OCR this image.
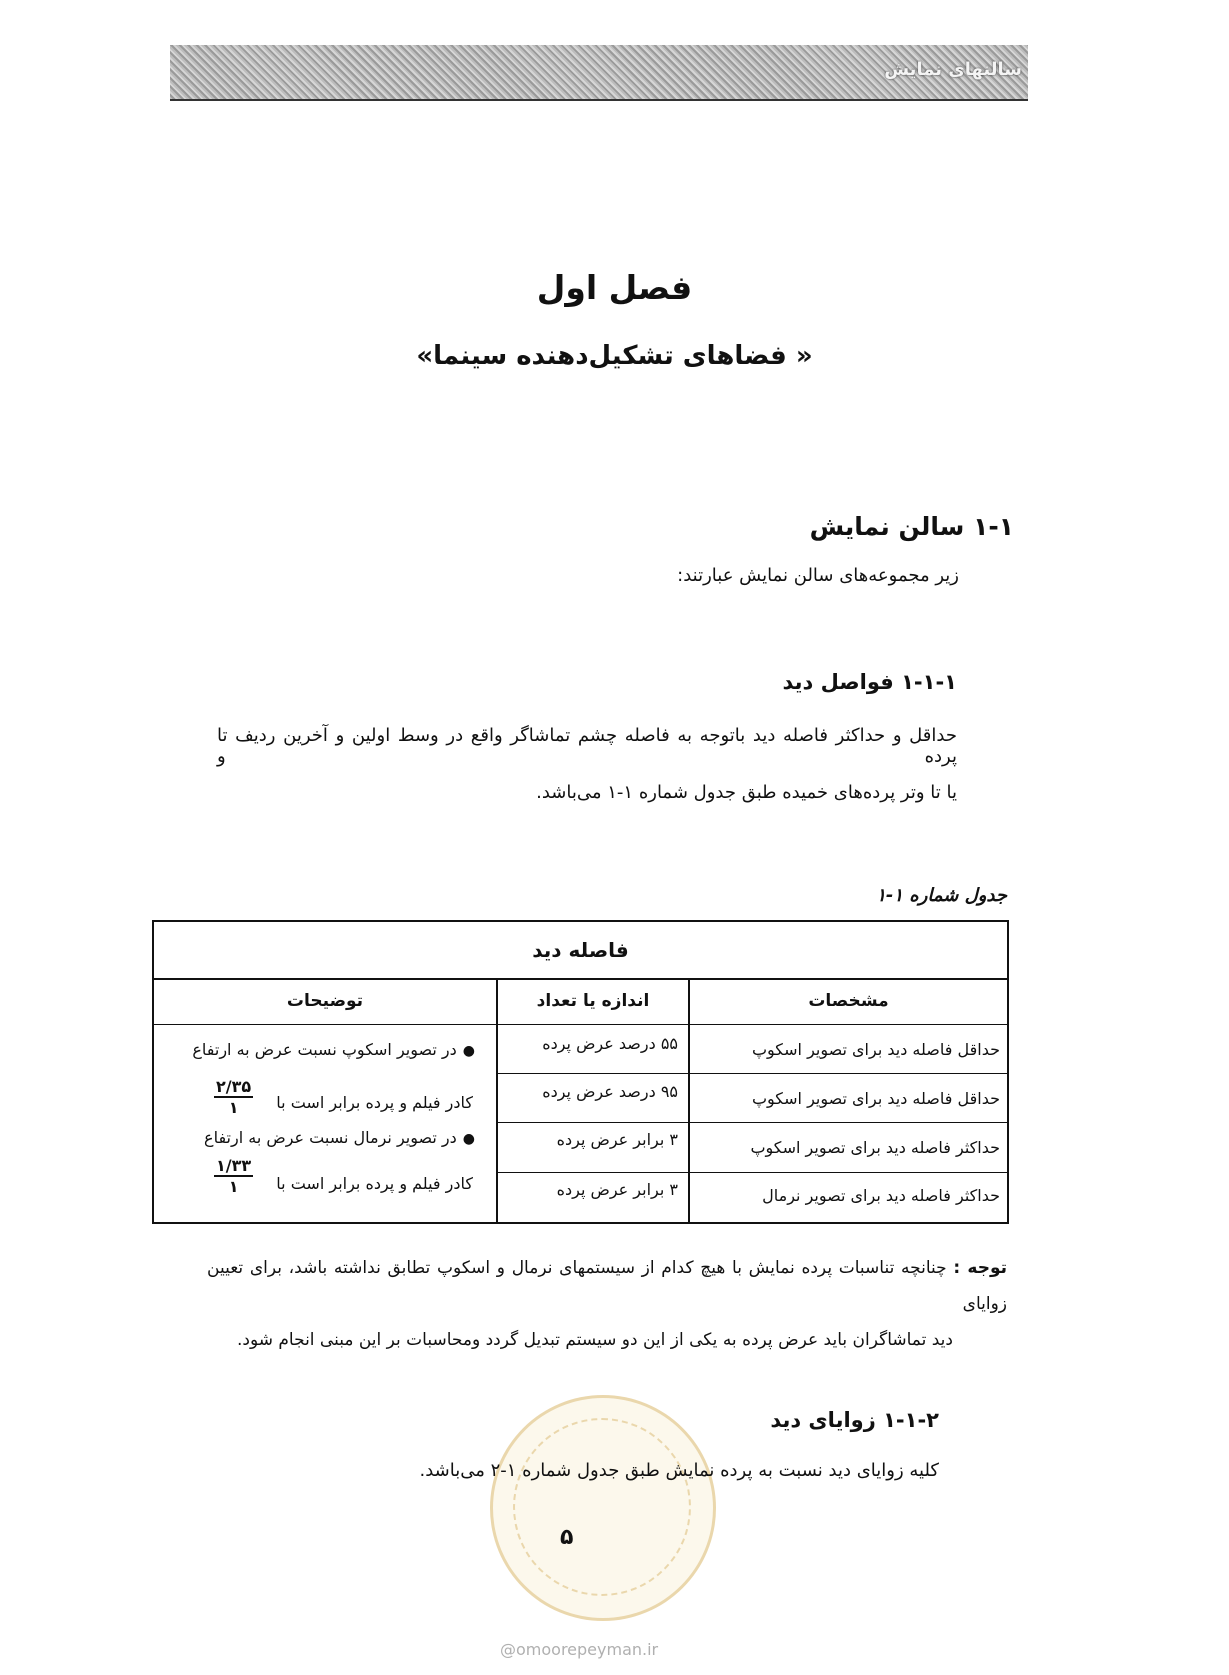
سالنهای نمایش
فصل اول
« فضاهای تشکیل‌دهنده سینما»
۱-۱ سالن نمایش
زیر مجموعه‌های سالن نمایش عبارتند:
۱-۱-۱ فواصل دید
حداقل و حداکثر فاصله دید باتوجه به فاصله چشم تماشاگر واقع در وسط اولین و آخرین ردیف تا پرده و
یا تا وتر پرده‌های خمیده طبق جدول شماره ۱-۱ می‌باشد.
جدول شماره ۱-۱
فاصله دید
مشخصات
اندازه یا تعداد
توضیحات
حداقل فاصله دید برای تصویر اسکوپ
۵۵ درصد عرض پرده
حداقل فاصله دید برای تصویر اسکوپ
۹۵ درصد عرض پرده
حداکثر فاصله دید برای تصویر اسکوپ
۳ برابر عرض پرده
حداکثر فاصله دید برای تصویر نرمال
۳ برابر عرض پرده
●در تصویر اسکوپ نسبت عرض به ارتفاع
کادر فیلم و پرده برابر است با
۲/۳۵
۱
●در تصویر نرمال نسبت عرض به ارتفاع
کادر فیلم و پرده برابر است با
۱/۳۳
۱
توجه : چنانچه تناسبات پرده نمایش با هیچ کدام از سیستمهای نرمال و اسکوپ تطابق نداشته باشد، برای تعیین زوایای
دید تماشاگران باید عرض پرده به یکی از این دو سیستم تبدیل گردد ومحاسبات بر این مبنی انجام شود.
۱-۱-۲ زوایای دید
کلیه زوایای دید نسبت به پرده نمایش طبق جدول شماره ۱-۲ می‌باشد.
۵
@omoorepeyman.ir
